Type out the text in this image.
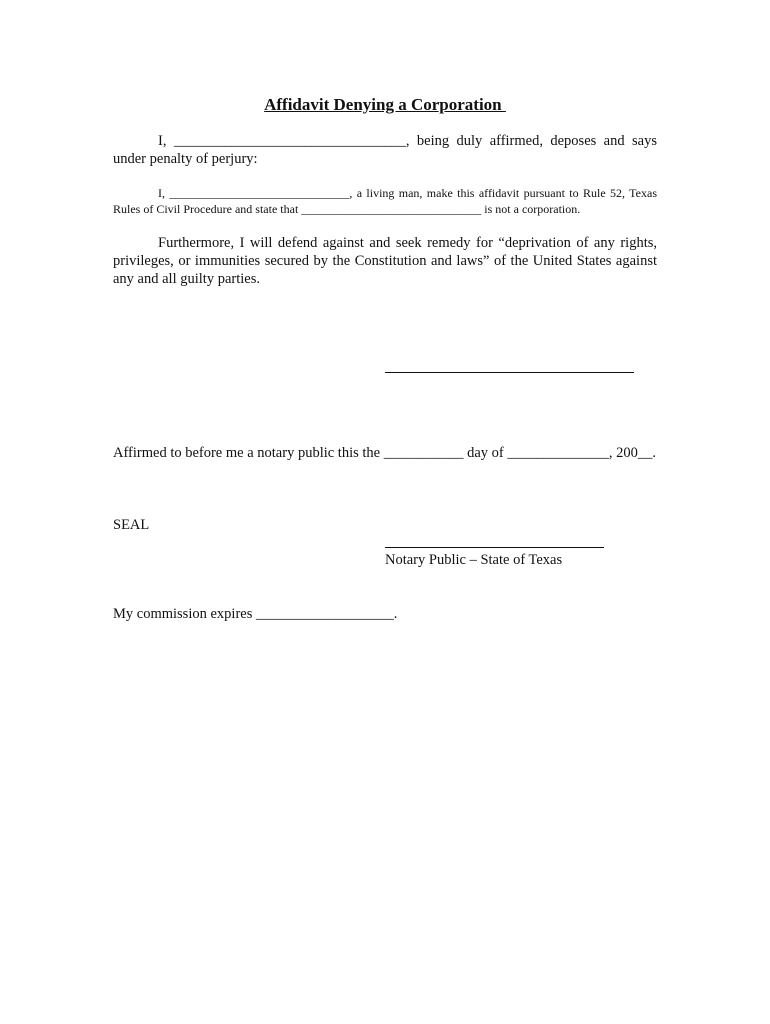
Affidavit Denying a Corporation
I, ________________________________, being duly affirmed, deposes and says under penalty of perjury:
I, ______________________________, a living man, make this affidavit pursuant to Rule 52, Texas Rules of Civil Procedure and state that ______________________________ is not a corporation.
Furthermore, I will defend against and seek remedy for “deprivation of any rights, privileges, or immunities secured by the Constitution and laws” of the United States against any and all guilty parties.
Affirmed to before me a notary public this the ___________ day of ______________, 200__.
SEAL
Notary Public – State of Texas
My commission expires ___________________.
